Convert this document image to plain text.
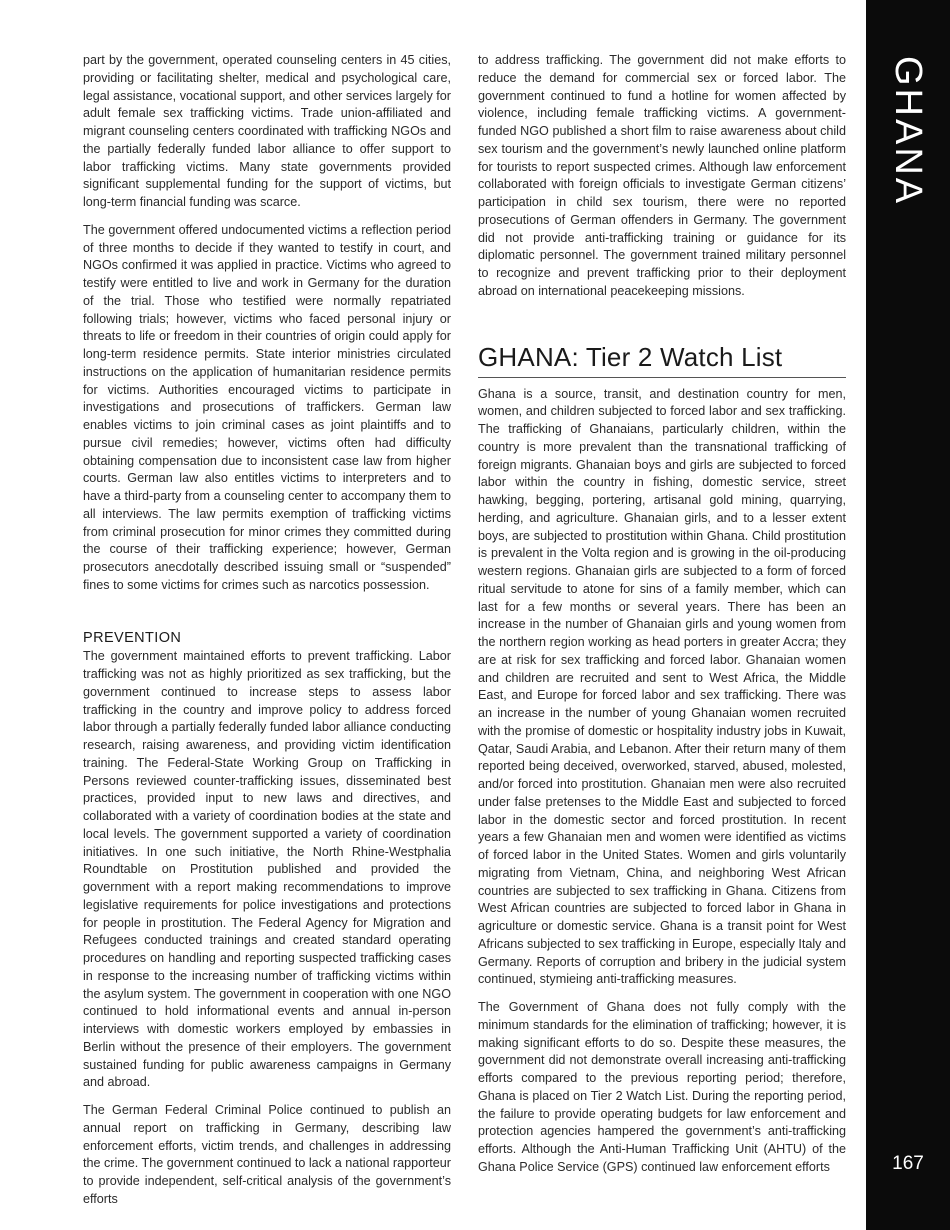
part by the government, operated counseling centers in 45 cities, providing or facilitating shelter, medical and psychological care, legal assistance, vocational support, and other services largely for adult female sex trafficking victims. Trade union-affiliated and migrant counseling centers coordinated with trafficking NGOs and the partially federally funded labor alliance to offer support to labor trafficking victims. Many state governments provided significant supplemental funding for the support of victims, but long-term financial funding was scarce.

The government offered undocumented victims a reflection period of three months to decide if they wanted to testify in court, and NGOs confirmed it was applied in practice. Victims who agreed to testify were entitled to live and work in Germany for the duration of the trial. Those who testified were normally repatriated following trials; however, victims who faced personal injury or threats to life or freedom in their countries of origin could apply for long-term residence permits. State interior ministries circulated instructions on the application of humanitarian residence permits for victims. Authorities encouraged victims to participate in investigations and prosecutions of traffickers. German law enables victims to join criminal cases as joint plaintiffs and to pursue civil remedies; however, victims often had difficulty obtaining compensation due to inconsistent case law from higher courts. German law also entitles victims to interpreters and to have a third-party from a counseling center to accompany them to all interviews. The law permits exemption of trafficking victims from criminal prosecution for minor crimes they committed during the course of their trafficking experience; however, German prosecutors anecdotally described issuing small or “suspended” fines to some victims for crimes such as narcotics possession.

PREVENTION

The government maintained efforts to prevent trafficking. Labor trafficking was not as highly prioritized as sex trafficking, but the government continued to increase steps to assess labor trafficking in the country and improve policy to address forced labor through a partially federally funded labor alliance conducting research, raising awareness, and providing victim identification training. The Federal-State Working Group on Trafficking in Persons reviewed counter-trafficking issues, disseminated best practices, provided input to new laws and directives, and collaborated with a variety of coordination bodies at the state and local levels. The government supported a variety of coordination initiatives. In one such initiative, the North Rhine-Westphalia Roundtable on Prostitution published and provided the government with a report making recommendations to improve legislative requirements for police investigations and protections for people in prostitution. The Federal Agency for Migration and Refugees conducted trainings and created standard operating procedures on handling and reporting suspected trafficking cases in response to the increasing number of trafficking victims within the asylum system. The government in cooperation with one NGO continued to hold informational events and annual in-person interviews with domestic workers employed by embassies in Berlin without the presence of their employers. The government sustained funding for public awareness campaigns in Germany and abroad.

The German Federal Criminal Police continued to publish an annual report on trafficking in Germany, describing law enforcement efforts, victim trends, and challenges in addressing the crime. The government continued to lack a national rapporteur to provide independent, self-critical analysis of the government’s efforts

to address trafficking. The government did not make efforts to reduce the demand for commercial sex or forced labor. The government continued to fund a hotline for women affected by violence, including female trafficking victims. A government-funded NGO published a short film to raise awareness about child sex tourism and the government’s newly launched online platform for tourists to report suspected crimes. Although law enforcement collaborated with foreign officials to investigate German citizens’ participation in child sex tourism, there were no reported prosecutions of German offenders in Germany. The government did not provide anti-trafficking training or guidance for its diplomatic personnel. The government trained military personnel to recognize and prevent trafficking prior to their deployment abroad on international peacekeeping missions.

GHANA: Tier 2 Watch List

Ghana is a source, transit, and destination country for men, women, and children subjected to forced labor and sex trafficking. The trafficking of Ghanaians, particularly children, within the country is more prevalent than the transnational trafficking of foreign migrants. Ghanaian boys and girls are subjected to forced labor within the country in fishing, domestic service, street hawking, begging, portering, artisanal gold mining, quarrying, herding, and agriculture. Ghanaian girls, and to a lesser extent boys, are subjected to prostitution within Ghana. Child prostitution is prevalent in the Volta region and is growing in the oil-producing western regions. Ghanaian girls are subjected to a form of forced ritual servitude to atone for sins of a family member, which can last for a few months or several years. There has been an increase in the number of Ghanaian girls and young women from the northern region working as head porters in greater Accra; they are at risk for sex trafficking and forced labor. Ghanaian women and children are recruited and sent to West Africa, the Middle East, and Europe for forced labor and sex trafficking. There was an increase in the number of young Ghanaian women recruited with the promise of domestic or hospitality industry jobs in Kuwait, Qatar, Saudi Arabia, and Lebanon. After their return many of them reported being deceived, overworked, starved, abused, molested, and/or forced into prostitution. Ghanaian men were also recruited under false pretenses to the Middle East and subjected to forced labor in the domestic sector and forced prostitution. In recent years a few Ghanaian men and women were identified as victims of forced labor in the United States. Women and girls voluntarily migrating from Vietnam, China, and neighboring West African countries are subjected to sex trafficking in Ghana. Citizens from West African countries are subjected to forced labor in Ghana in agriculture or domestic service. Ghana is a transit point for West Africans subjected to sex trafficking in Europe, especially Italy and Germany. Reports of corruption and bribery in the judicial system continued, stymieing anti-trafficking measures.

The Government of Ghana does not fully comply with the minimum standards for the elimination of trafficking; however, it is making significant efforts to do so. Despite these measures, the government did not demonstrate overall increasing anti-trafficking efforts compared to the previous reporting period; therefore, Ghana is placed on Tier 2 Watch List. During the reporting period, the failure to provide operating budgets for law enforcement and protection agencies hampered the government’s anti-trafficking efforts. Although the Anti-Human Trafficking Unit (AHTU) of the Ghana Police Service (GPS) continued law enforcement efforts

GHANA
167
